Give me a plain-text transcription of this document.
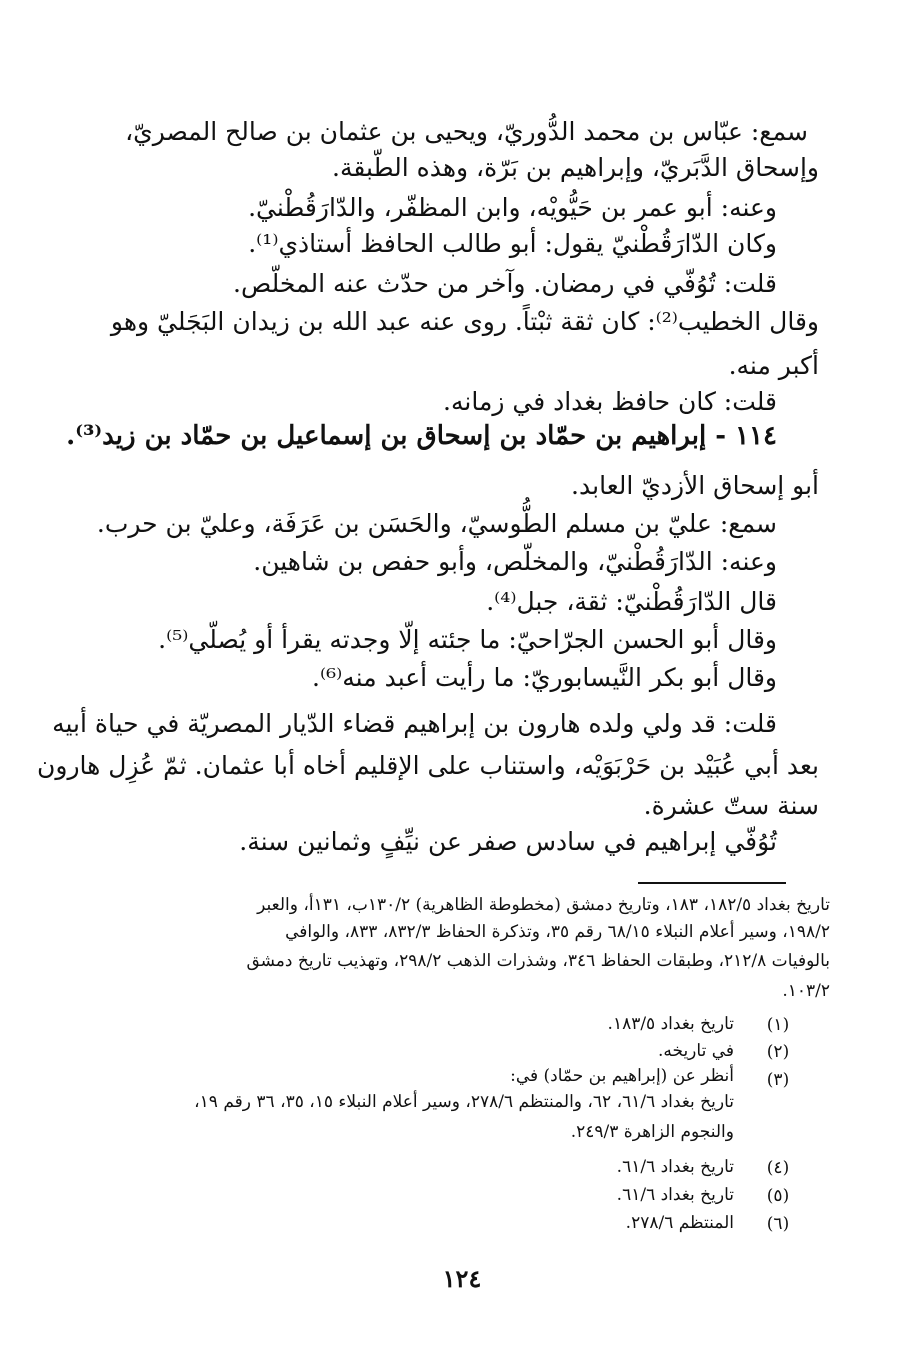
سمع: عبّاس بن محمد الدُّوريّ، ويحيى بن عثمان بن صالح المصريّ،
وإسحاق الدَّبَريّ، وإبراهيم بن بَرّة، وهذه الطّبقة.
وعنه: أبو عمر بن حَيُّويْه، وابن المظفّر، والدّارَقُطْنيّ.
وكان الدّارَقُطْنيّ يقول: أبو طالب الحافظ أستاذي⁽¹⁾.
قلت: تُوُفّي في رمضان. وآخر من حدّث عنه المخلّص.
وقال الخطيب⁽²⁾: كان ثقة ثبْتاً. روى عنه عبد الله بن زيدان البَجَليّ وهو
أكبر منه.
قلت: كان حافظ بغداد في زمانه.
١١٤ - إبراهيم بن حمّاد بن إسحاق بن إسماعيل بن حمّاد بن زيد⁽³⁾.
أبو إسحاق الأزديّ العابد.
سمع: عليّ بن مسلم الطُّوسيّ، والحَسَن بن عَرَفَة، وعليّ بن حرب.
وعنه: الدّارَقُطْنيّ، والمخلّص، وأبو حفص بن شاهين.
قال الدّارَقُطْنيّ: ثقة، جبل⁽⁴⁾.
وقال أبو الحسن الجرّاحيّ: ما جئته إلّا وجدته يقرأ أو يُصلّي⁽⁵⁾.
وقال أبو بكر النَّيسابوريّ: ما رأيت أعبد منه⁽⁶⁾.
قلت: قد ولي ولده هارون بن إبراهيم قضاء الدّيار المصريّة في حياة أبيه
بعد أبي عُبَيْد بن حَرْبَوَيْه، واستناب على الإقليم أخاه أبا عثمان. ثمّ عُزِل هارون
سنة ستّ عشرة.
تُوُفّي إبراهيم في سادس صفر عن نيِّفٍ وثمانين سنة.
تاريخ بغداد ١٨٢/٥، ١٨٣، وتاريخ دمشق (مخطوطة الظاهرية) ١٣٠/٢ب، ١٣١أ، والعبر
١٩٨/٢، وسير أعلام النبلاء ٦٨/١٥ رقم ٣٥، وتذكرة الحفاظ ٨٣٢/٣، ٨٣٣، والوافي
بالوفيات ٢١٢/٨، وطبقات الحفاظ ٣٤٦، وشذرات الذهب ٢٩٨/٢، وتهذيب تاريخ دمشق
١٠٣/٢.
(١)
تاريخ بغداد ١٨٣/٥.
(٢)
في تاريخه.
(٣)
أنظر عن (إبراهيم بن حمّاد) في:
تاريخ بغداد ٦١/٦، ٦٢، والمنتظم ٢٧٨/٦، وسير أعلام النبلاء ١٥، ٣٥، ٣٦ رقم ١٩،
والنجوم الزاهرة ٢٤٩/٣.
(٤)
تاريخ بغداد ٦١/٦.
(٥)
تاريخ بغداد ٦١/٦.
(٦)
المنتظم ٢٧٨/٦.
١٢٤
